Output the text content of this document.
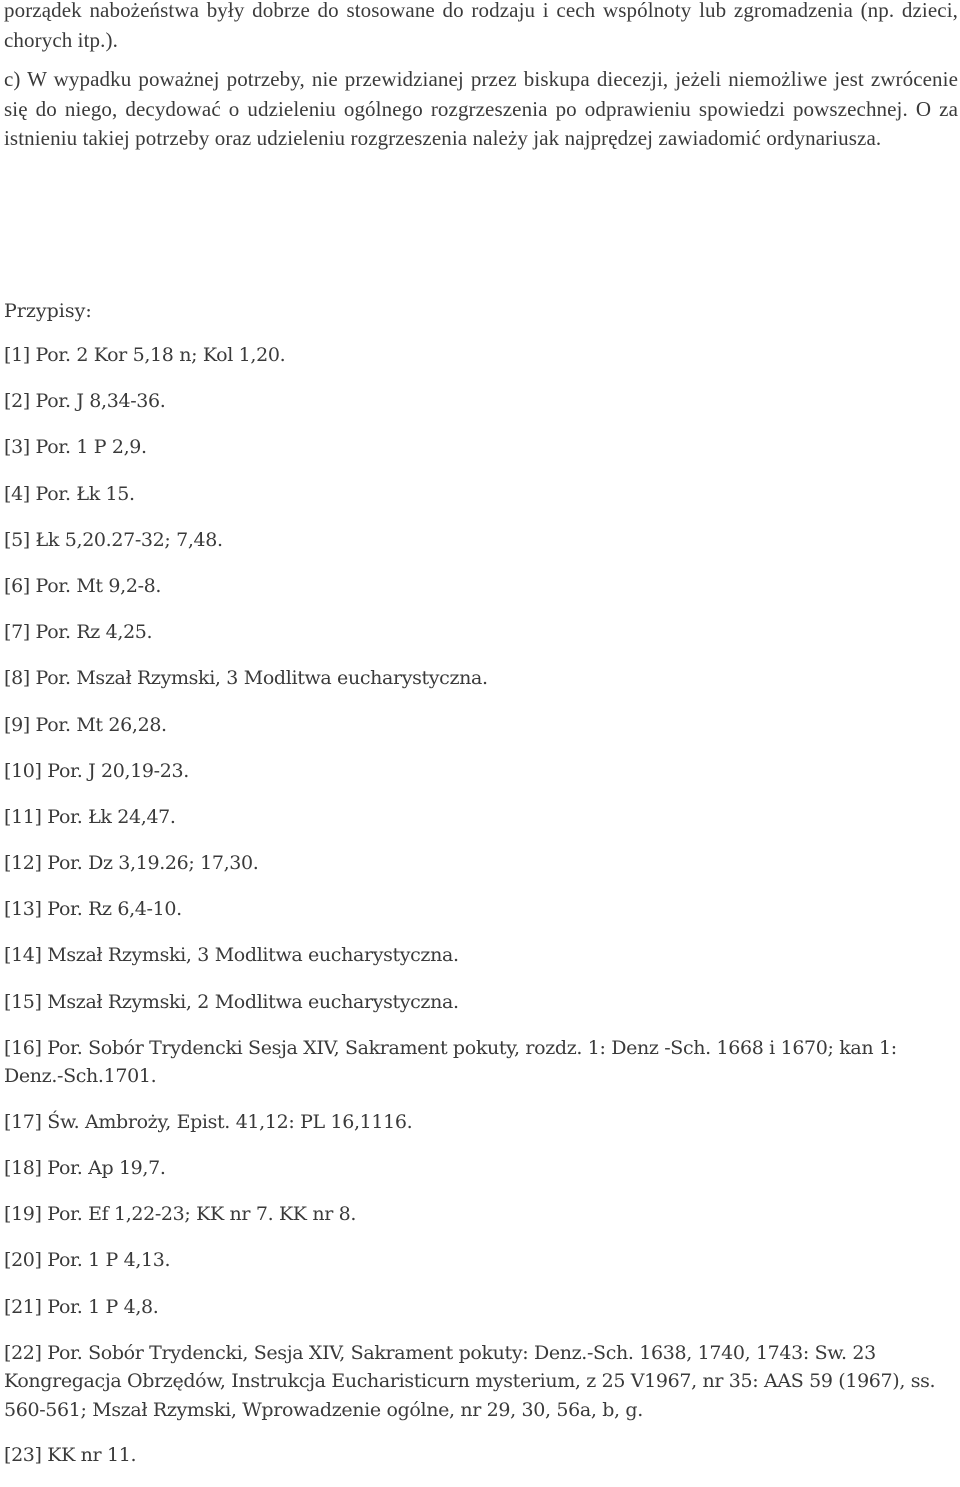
porządek nabożeństwa były dobrze do stosowane do rodzaju i cech wspólnoty lub zgromadzenia (np. dzieci, chorych itp.).

c) W wypadku poważnej potrzeby, nie przewidzianej przez biskupa diecezji, jeżeli niemożliwe jest zwrócenie się do niego, decydować o udzieleniu ogólnego rozgrzeszenia po odprawieniu spowiedzi powszechnej. O za istnieniu takiej potrzeby oraz udzieleniu rozgrzeszenia należy jak najprędzej zawiadomić ordynariusza.

Przypisy:

[1] Por. 2 Kor 5,18 n; Kol 1,20.
[2] Por. J 8,34-36.
[3] Por. 1 P 2,9.
[4] Por. Łk 15.
[5] Łk 5,20.27-32; 7,48.
[6] Por. Mt 9,2-8.
[7] Por. Rz 4,25.
[8] Por. Mszał Rzymski, 3 Modlitwa eucharystyczna.
[9] Por. Mt 26,28.
[10] Por. J 20,19-23.
[11] Por. Łk 24,47.
[12] Por. Dz 3,19.26; 17,30.
[13] Por. Rz 6,4-10.
[14] Mszał Rzymski, 3 Modlitwa eucharystyczna.
[15] Mszał Rzymski, 2 Modlitwa eucharystyczna.
[16] Por. Sobór Trydencki Sesja XIV, Sakrament pokuty, rozdz. 1: Denz -Sch. 1668 i 1670; kan 1: Denz.-Sch.1701.
[17] Św. Ambroży, Epist. 41,12: PL 16,1116.
[18] Por. Ap 19,7.
[19] Por. Ef 1,22-23; KK nr 7. KK nr 8.
[20] Por. 1 P 4,13.
[21] Por. 1 P 4,8.
[22] Por. Sobór Trydencki, Sesja XIV, Sakrament pokuty: Denz.-Sch. 1638, 1740, 1743: Sw. 23 Kongregacja Obrzędów, Instrukcja Eucharisticurn mysterium, z 25 V1967, nr 35: AAS 59 (1967), ss. 560-561; Mszał Rzymski, Wprowadzenie ogólne, nr 29, 30, 56a, b, g.
[23] KK nr 11.
